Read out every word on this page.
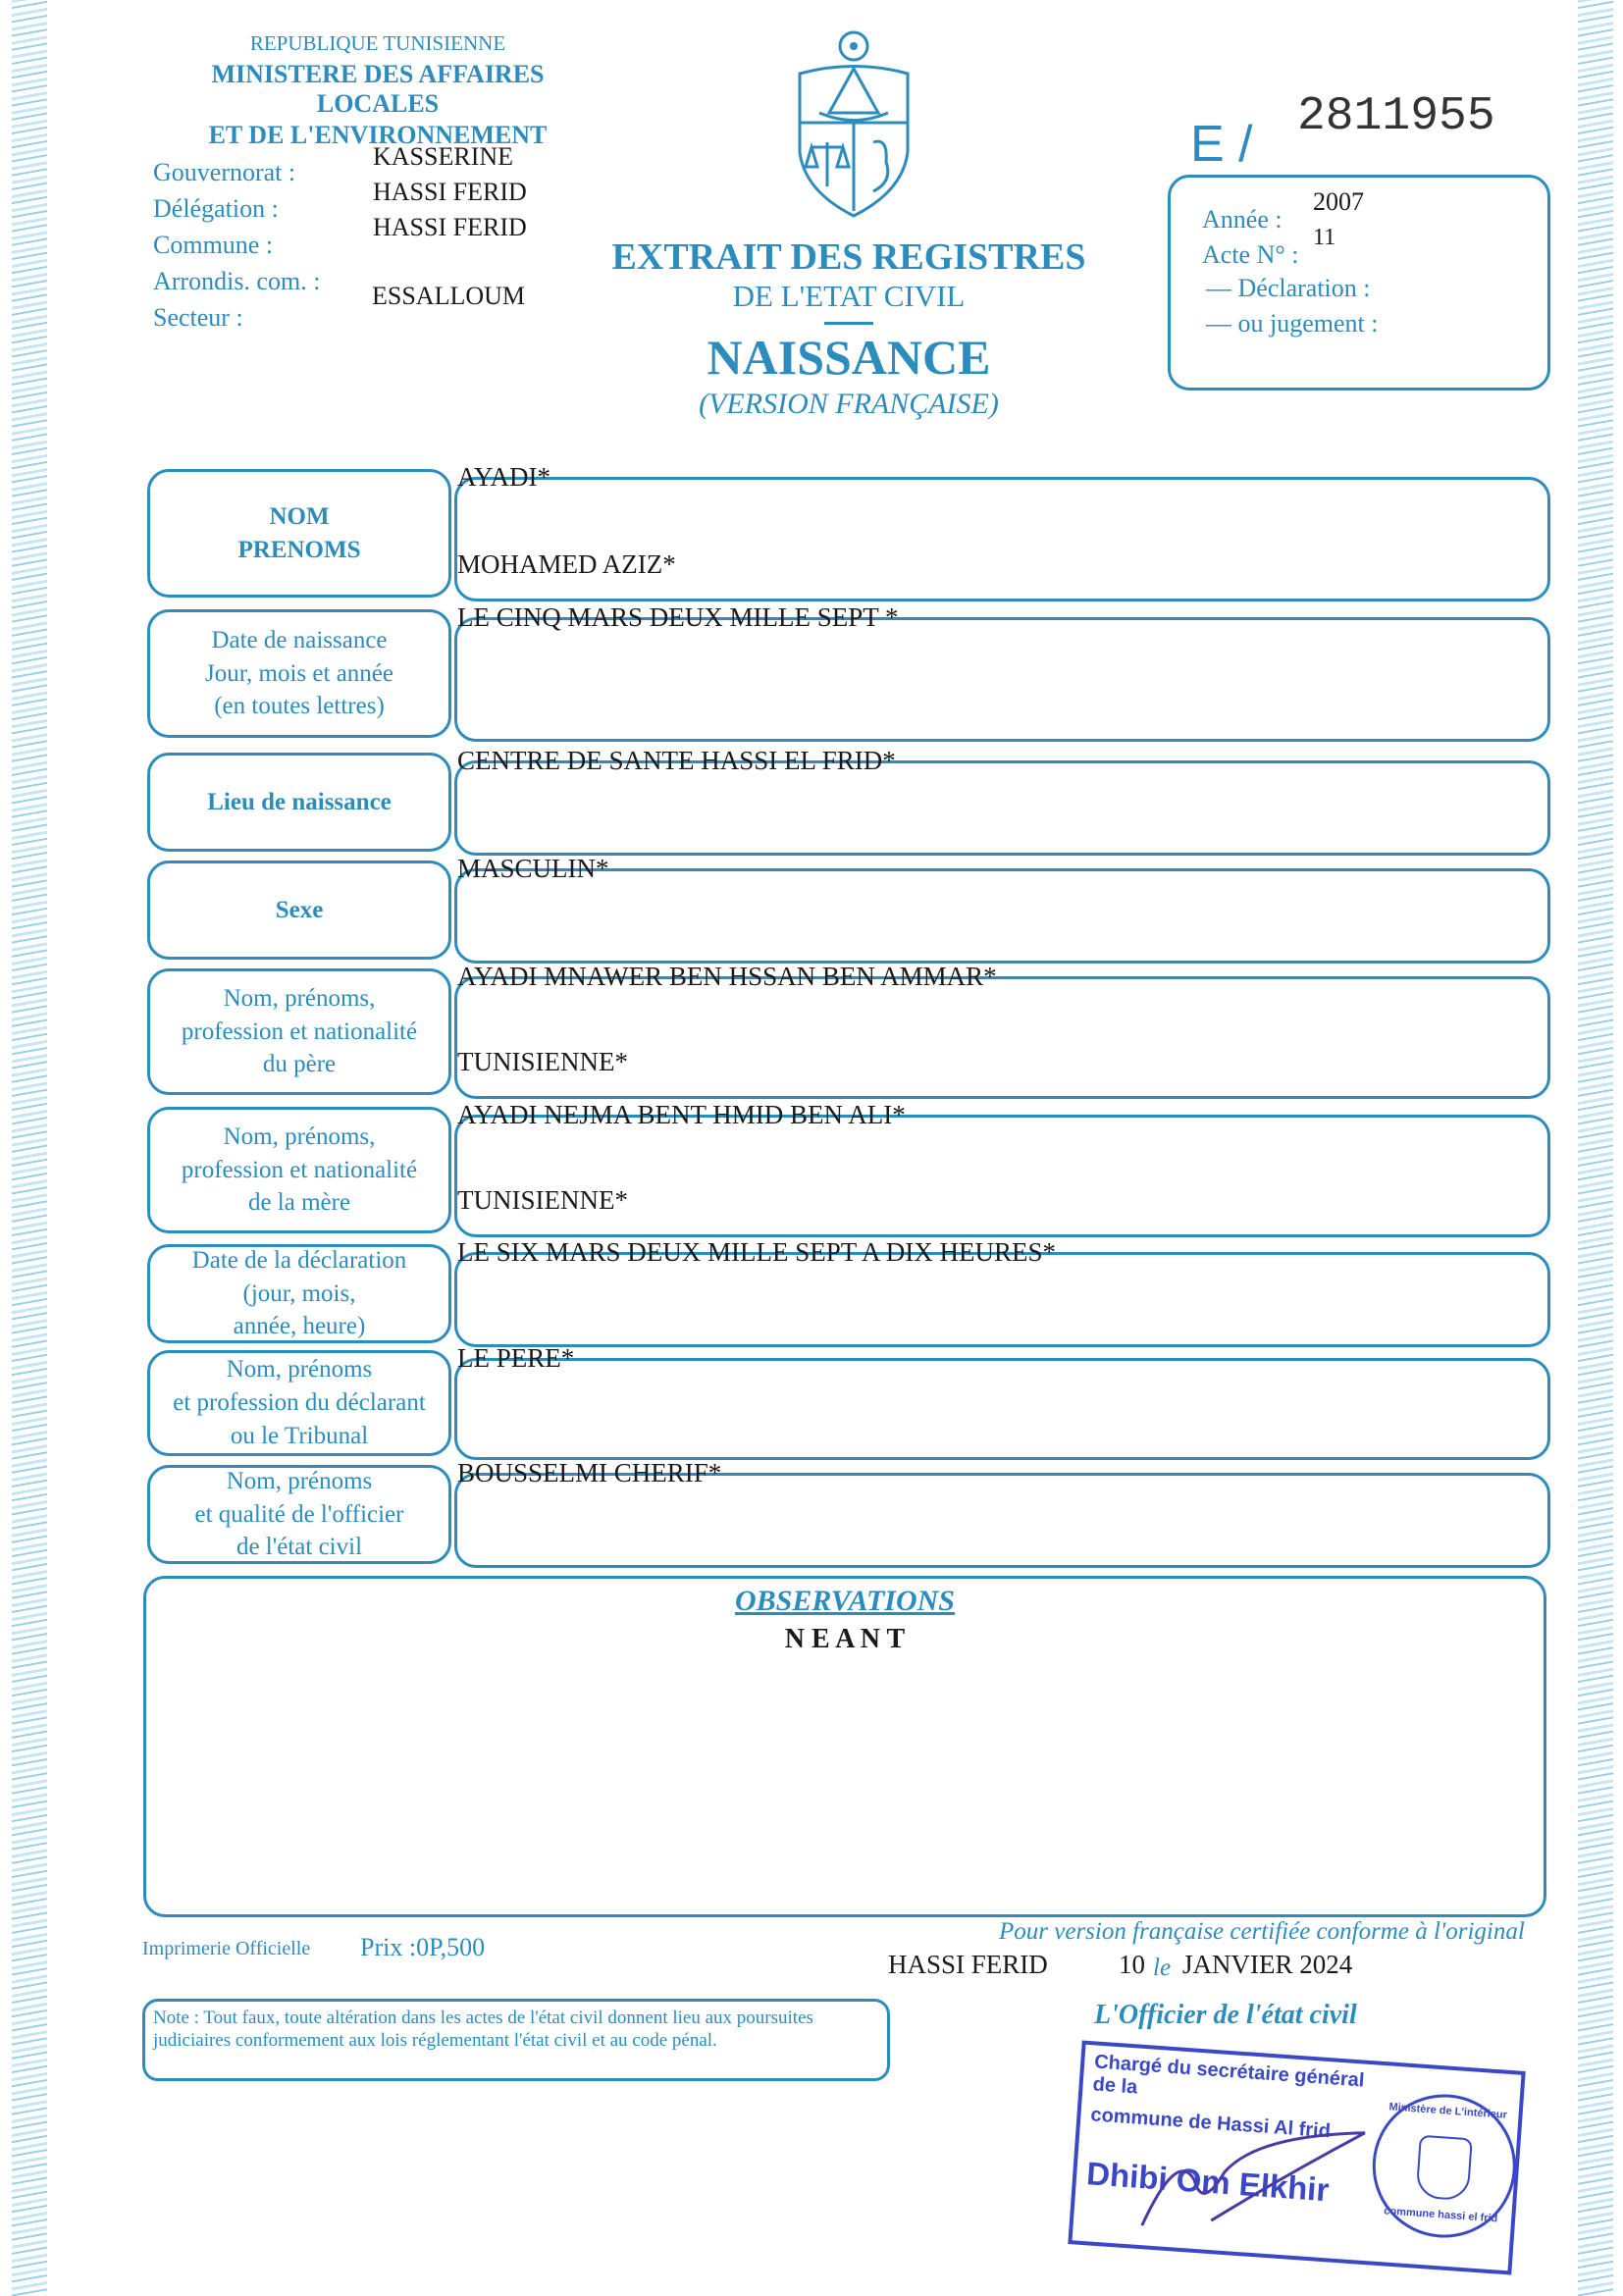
REPUBLIQUE TUNISIENNE
MINISTERE DES AFFAIRES LOCALES
ET DE L'ENVIRONNEMENT
Gouvernorat :
Délégation :
Commune :
Arrondis. com. :
Secteur :
KASSERINE
HASSI FERID
HASSI FERID
ESSALLOUM
E / 2811955
Année :
2007
Acte N° :
11
— Déclaration :
— ou jugement :
EXTRAIT DES REGISTRES
DE L'ETAT CIVIL
NAISSANCE
(VERSION FRANÇAISE)
NOM
PRENOMS
AYADI*
MOHAMED AZIZ*
Date de naissance
Jour, mois et année
(en toutes lettres)
LE CINQ MARS DEUX MILLE SEPT *
Lieu de naissance
CENTRE DE SANTE HASSI EL FRID*
Sexe
MASCULIN*
Nom, prénoms,
profession et nationalité
du père
AYADI MNAWER BEN HSSAN BEN AMMAR*
TUNISIENNE*
Nom, prénoms,
profession et nationalité
de la mère
AYADI NEJMA BENT HMID BEN ALI*
TUNISIENNE*
Date de la déclaration
(jour, mois,
année, heure)
LE SIX MARS DEUX MILLE SEPT A DIX HEURES*
Nom, prénoms
et profession du déclarant
ou le Tribunal
LE PERE*
Nom, prénoms
et qualité de l'officier
de l'état civil
BOUSSELMI CHERIF*
OBSERVATIONS
N E A N T
Imprimerie Officielle Prix :0P,500
Pour version française certifiée conforme à l'original
HASSI FERID	10 le JANVIER 2024
Note : Tout faux, toute altération dans les actes de l'état civil donnent lieu aux poursuites judiciaires conformement aux lois réglementant l'état civil et au code pénal.
L'Officier de l'état civil
Chargé du secrétaire général de la
commune de Hassi Al frid
Dhibi Om Elkhir
Ministère de L'intérieur
commune hassi el frid
